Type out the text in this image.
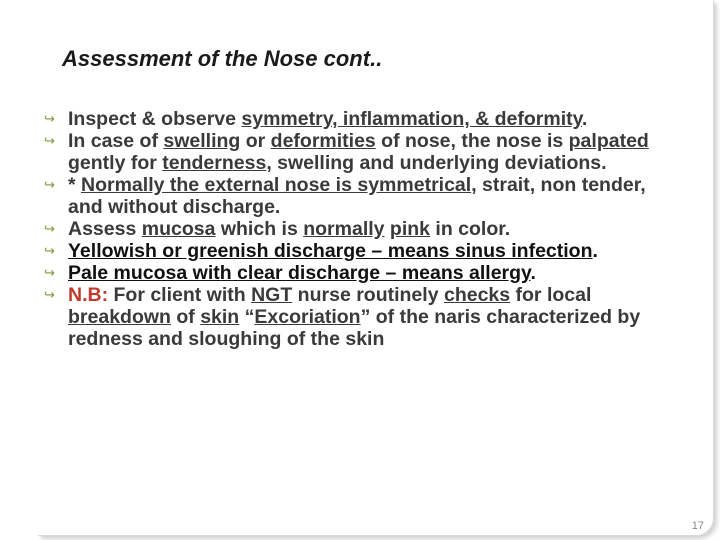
Assessment of the Nose cont..

↪ Inspect & observe symmetry, inflammation, & deformity.

↪ In case of swelling or deformities of nose, the nose is palpated gently for tenderness, swelling and underlying deviations.

↪ * Normally the external nose is symmetrical, strait, non tender, and without discharge.

↪ Assess mucosa which is normally pink in color.

↪ Yellowish or greenish discharge – means sinus infection.

↪ Pale mucosa with clear discharge – means allergy.

↪ N.B: For client with NGT nurse routinely checks for local breakdown of skin “Excoriation” of the naris characterized by redness and sloughing of the skin

17
